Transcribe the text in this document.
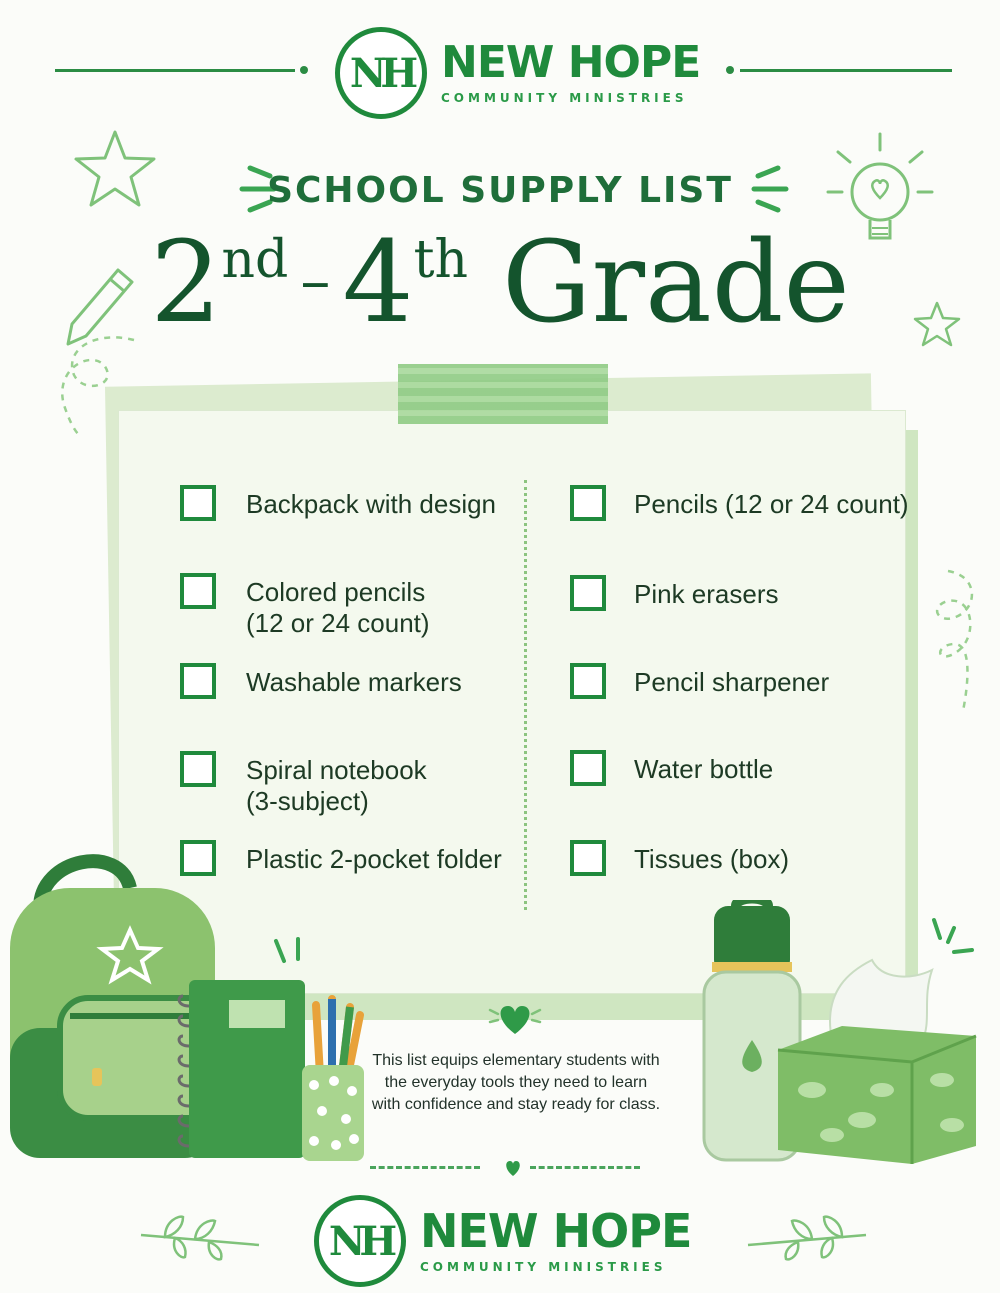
NH NEW HOPE
COMMUNITY MINISTRIES
SCHOOL SUPPLY LIST
2nd – 4th Grade
Backpack with design
Colored pencils
(12 or 24 count)
Washable markers
Spiral notebook
(3-subject)
Plastic 2-pocket folder
Pencils (12 or 24 count)
Pink erasers
Pencil sharpener
Water bottle
Tissues (box)
This list equips elementary students with the everyday tools they need to learn with confidence and stay ready for class.
NH NEW HOPE
COMMUNITY MINISTRIES
